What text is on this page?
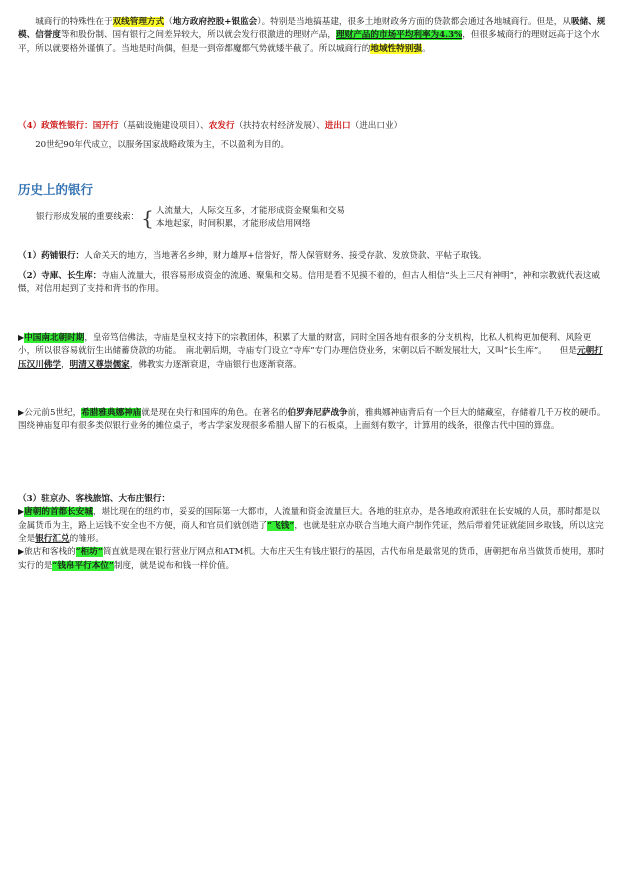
城商行的特殊性在于双线管理方式（地方政府控股+银监会）。特别是当地搞基建，很多土地财政务方面的贷款都会通过各地城商行。但是，从吸储、规模、信誉度等和股份制、国有银行之间差异较大，所以就会发行很激进的理财产品，理财产品的市场平均利率为4.3%，但很多城商行的理财远高于这个水平，所以就要格外谨慎了。当地是时尚偶，但是一到帝都魔都气势就矮半截了。所以城商行的地域性特别强。

（4）政策性银行：国开行（基础设施建设项目）、农发行（扶持农村经济发展）、进出口（进出口业）

20世纪90年代成立，以服务国家战略政策为主，不以盈利为目的。

历史上的银行
银行形成发展的重要线索： { 人流量大，人际交互多，才能形成资金聚集和交易
本地起家，时间积累，才能形成信用网络

（1）药铺银行：人命关天的地方，当地著名乡绅，财力雄厚+信誉好，帮人保管财务、接受存款、发放贷款、平帖子取钱。

（2）寺庫、长生库：寺庙人流量大，很容易形成资金的流通、聚集和交易。信用是看不见摸不着的，但古人相信“头上三尺有神明”，神和宗教就代表这威慑，对信用起到了支持和背书的作用。

▶中国南北朝时期，皇帝笃信佛法，寺庙是皇权支持下的宗教团体，积累了大量的财富，同时全国各地有很多的分支机构，比私人机构更加便利、风险更小，所以很容易就衍生出储蓄贷款的功能。　南北朝后期，寺庙专门设立“寺库”专门办理信贷业务，宋朝以后不断发展壮大，又叫“长生库”。　　但是元朝打压汉川佛学，明清又尊崇儒家，佛教实力逐渐衰退，寺庙银行也逐渐衰落。

▶公元前5世纪，希腊雅典娜神庙就是现在央行和国库的角色。在著名的伯罗奔尼萨战争前，雅典娜神庙背后有一个巨大的储藏室，存储着几千万枚的硬币。围绕神庙复印有很多类似银行业务的摊位桌子，考古学家发现很多希腊人留下的石板桌，上面刻有数字，计算用的线条，很像古代中国的算盘。

（3）驻京办、客栈旅馆、大布庄银行：

▶唐朝的首都长安城，堪比现在的纽约市，妥妥的国际第一大都市，人流量和资金流量巨大。各地的驻京办，是各地政府派驻在长安城的人员，那时都是以金属货币为主，路上运钱不安全也不方便，商人和官员们就创造了“飞钱”，也就是驻京办联合当地大商户制作凭证，然后带着凭证就能回乡取钱，所以这完全是银行汇兑的雏形。

▶旅店和客栈的“柜坊”简直就是现在银行营业厅网点和ATM机。大布庄天生有钱庄银行的基因，古代布帛是最常见的货币，唐朝把布帛当做货币使用，那时实行的是“钱帛平行本位”制度，就是说布和钱一样价值。
